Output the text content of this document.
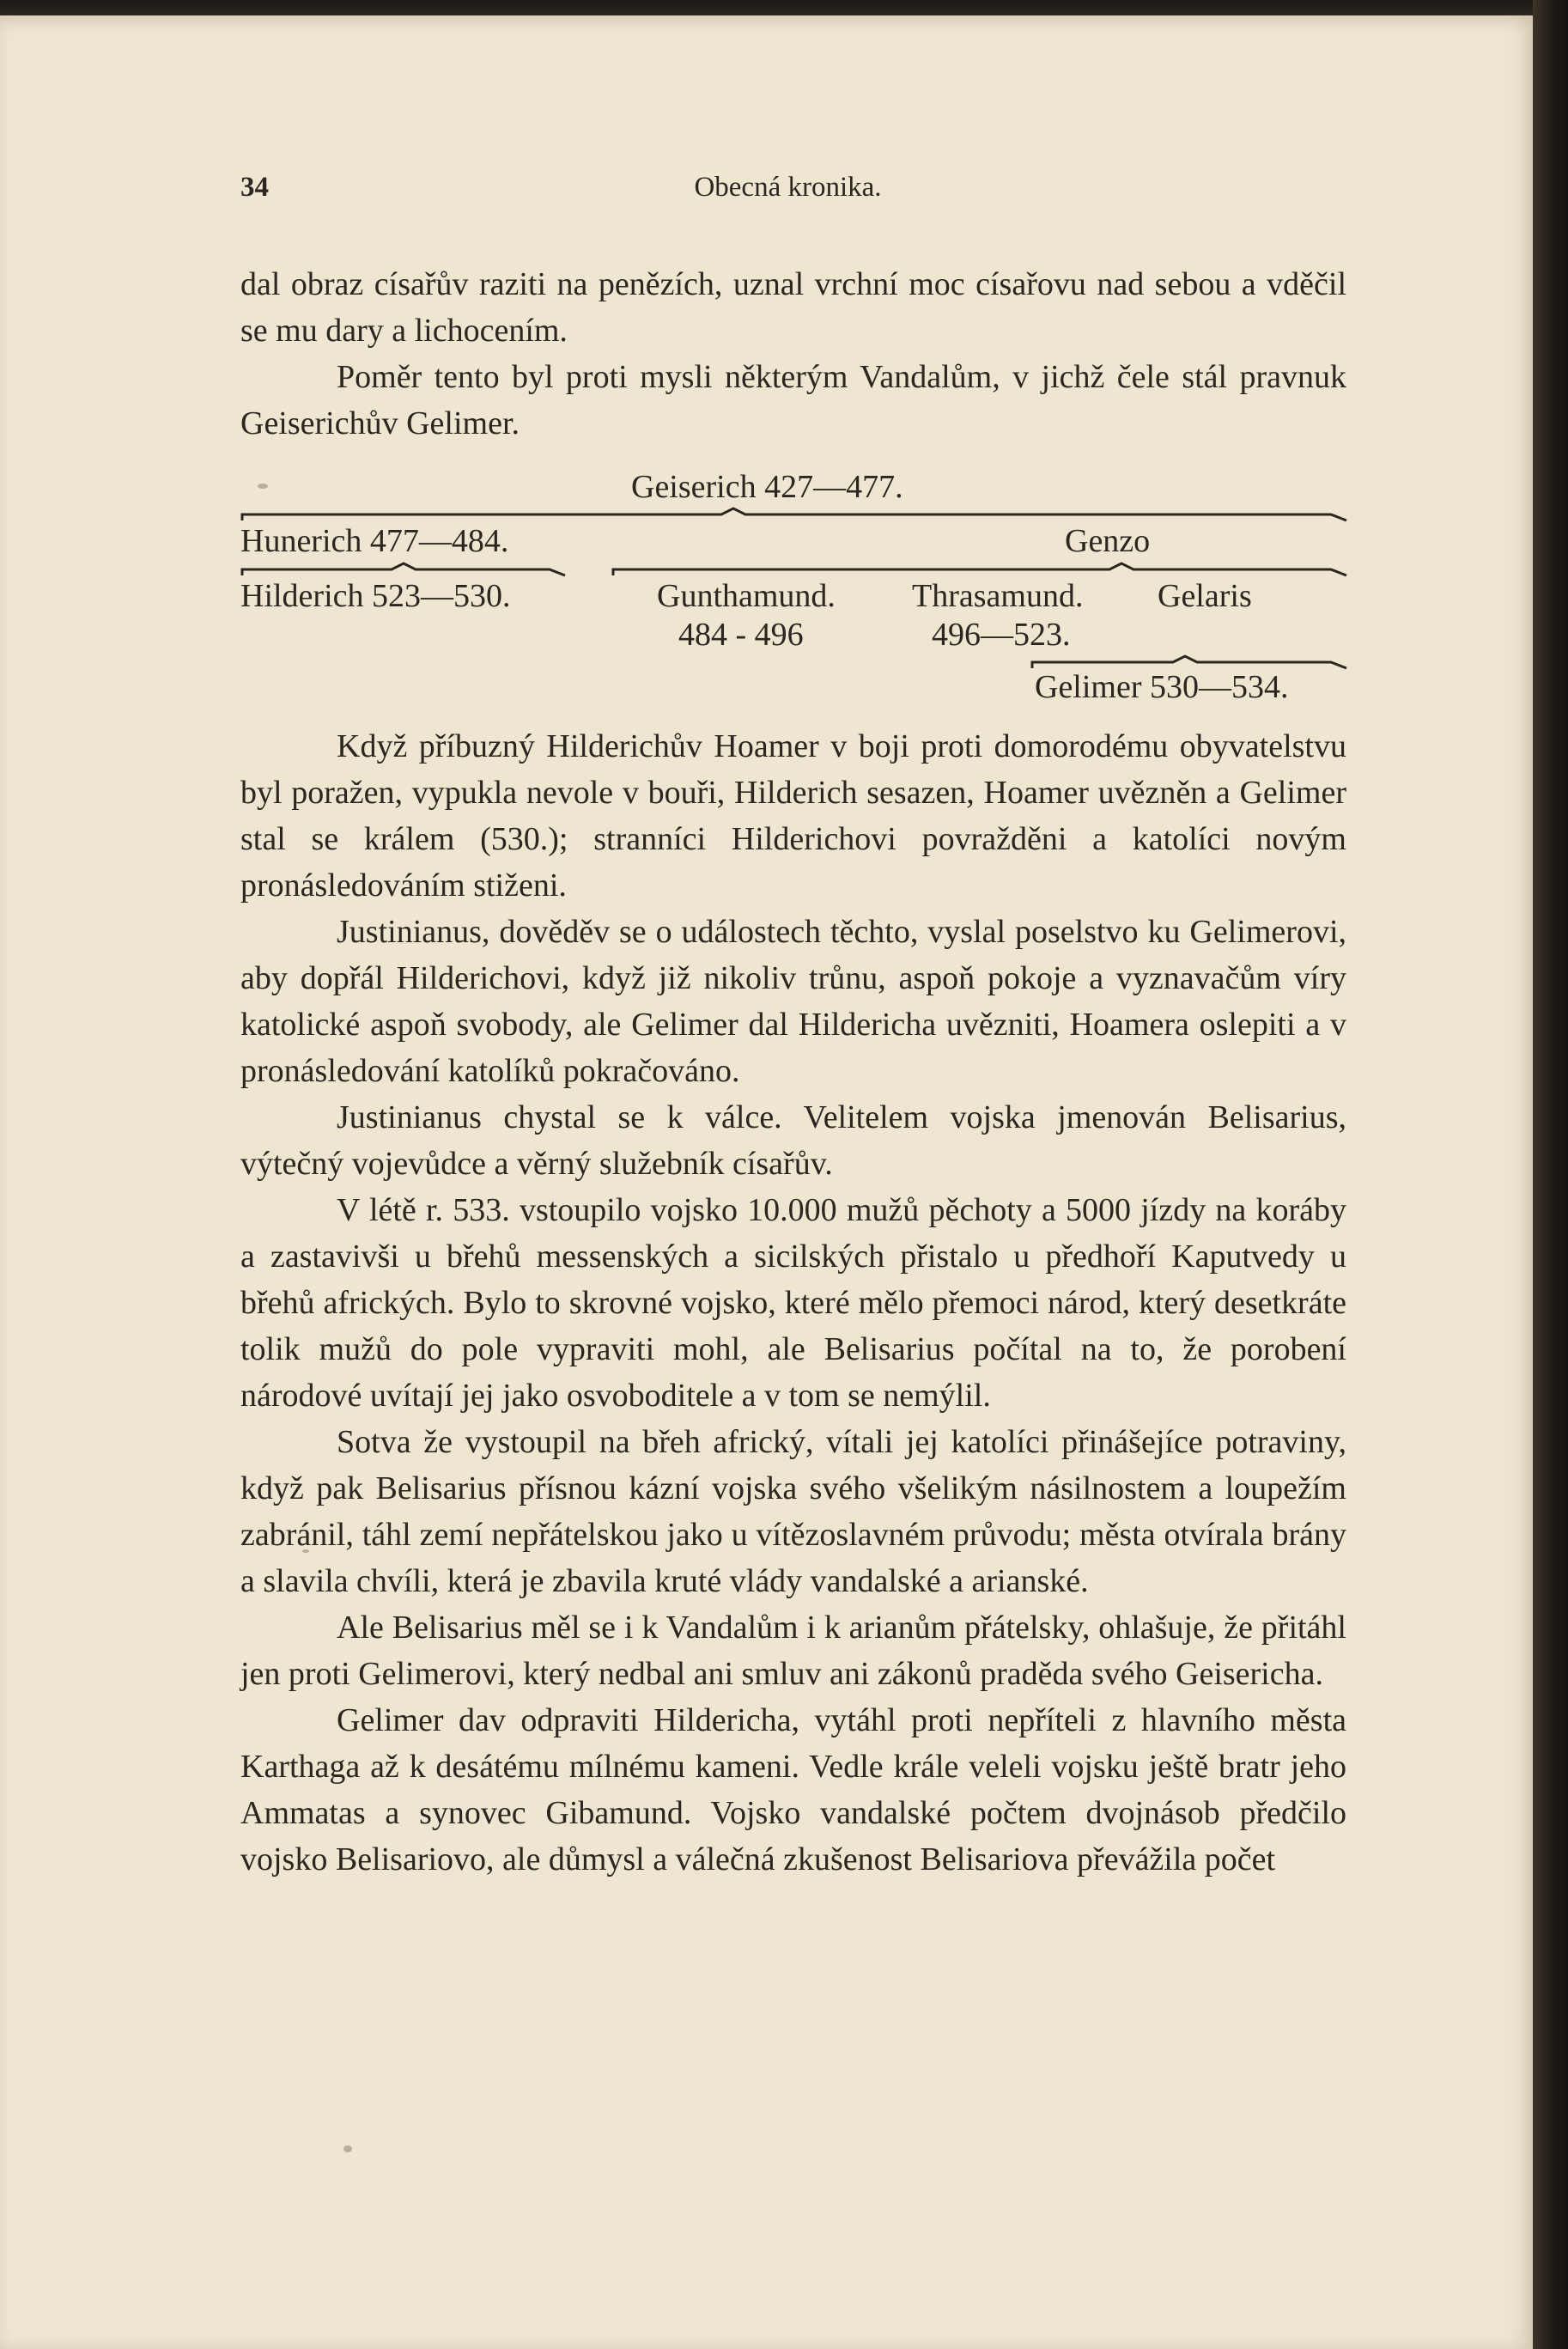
34	Obecná kronika.

dal obraz císařův raziti na penězích, uznal vrchní moc císařovu nad sebou a vděčil se mu dary a lichocením.

Poměr tento byl proti mysli některým Vandalům, v jichž čele stál pravnuk Geiserichův Gelimer.

Geiserich 427—477.
Hunerich 477—484.	Genzo
Hilderich 523—530.	Gunthamund. Thrasamund. Gelaris
484 - 496	496—523.
Gelimer 530—534.

Když příbuzný Hilderichův Hoamer v boji proti domorodému obyvatelstvu byl poražen, vypukla nevole v bouři, Hilderich sesazen, Hoamer uvězněn a Gelimer stal se králem (530.); stranníci Hilderichovi povražděni a katolíci novým pronásledováním stiženi.

Justinianus, dověděv se o událostech těchto, vyslal poselstvo ku Gelimerovi, aby dopřál Hilderichovi, když již nikoliv trůnu, aspoň pokoje a vyznavačům víry katolické aspoň svobody, ale Gelimer dal Hildericha uvězniti, Hoamera oslepiti a v pronásledování katolíků pokračováno.

Justinianus chystal se k válce. Velitelem vojska jmenován Belisarius, výtečný vojevůdce a věrný služebník císařův.

V létě r. 533. vstoupilo vojsko 10.000 mužů pěchoty a 5000 jízdy na koráby a zastavivši u břehů messenských a sicilských přistalo u předhoří Kaputvedy u břehů afrických. Bylo to skrovné vojsko, které mělo přemoci národ, který desetkráte tolik mužů do pole vypraviti mohl, ale Belisarius počítal na to, že porobení národové uvítají jej jako osvoboditele a v tom se nemýlil.

Sotva že vystoupil na břeh africký, vítali jej katolíci přinášejíce potraviny, když pak Belisarius přísnou kázní vojska svého všelikým násilnostem a loupežím zabránil, táhl zemí nepřátelskou jako u vítězoslavném průvodu; města otvírala brány a slavila chvíli, která je zbavila kruté vlády vandalské a arianské.

Ale Belisarius měl se i k Vandalům i k arianům přátelsky, ohlašuje, že přitáhl jen proti Gelimerovi, který nedbal ani smluv ani zákonů praděda svého Geisericha.

Gelimer dav odpraviti Hildericha, vytáhl proti nepříteli z hlavního města Karthaga až k desátému mílnému kameni. Vedle krále veleli vojsku ještě bratr jeho Ammatas a synovec Gibamund. Vojsko vandalské počtem dvojnásob předčilo vojsko Belisariovo, ale důmysl a válečná zkušenost Belisariova převážila počet
